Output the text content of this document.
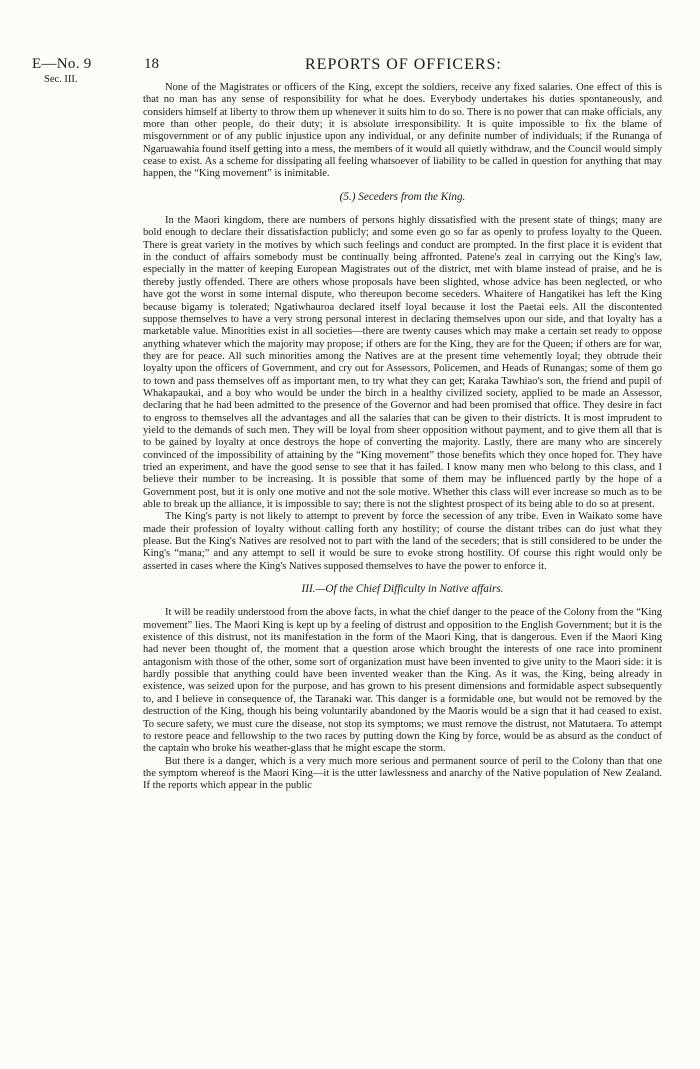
E—No. 9
Sec. III.
18	REPORTS OF OFFICERS:

None of the Magistrates or officers of the King, except the soldiers, receive any fixed salaries. One effect of this is that no man has any sense of responsibility for what he does. Everybody undertakes his duties spontaneously, and considers himself at liberty to throw them up whenever it suits him to do so. There is no power that can make officials, any more than other people, do their duty; it is absolute irresponsibility. It is quite impossible to fix the blame of misgovernment or of any public injustice upon any individual, or any definite number of individuals; if the Runanga of Ngaruawahia found itself getting into a mess, the members of it would all quietly withdraw, and the Council would simply cease to exist. As a scheme for dissipating all feeling whatsoever of liability to be called in question for anything that may happen, the “King movement” is inimitable.

(5.) Seceders from the King.

In the Maori kingdom, there are numbers of persons highly dissatisfied with the present state of things; many are bold enough to declare their dissatisfaction publicly; and some even go so far as openly to profess loyalty to the Queen. There is great variety in the motives by which such feelings and conduct are prompted. In the first place it is evident that in the conduct of affairs somebody must be continually being affronted. Patene's zeal in carrying out the King's law, especially in the matter of keeping European Magistrates out of the district, met with blame instead of praise, and he is thereby justly offended. There are others whose proposals have been slighted, whose advice has been neglected, or who have got the worst in some internal dispute, who thereupon become seceders. Whaitere of Hangatikei has left the King because bigamy is tolerated; Ngatiwhauroa declared itself loyal because it lost the Paetai eels. All the discontented suppose themselves to have a very strong personal interest in declaring themselves upon our side, and that loyalty has a marketable value. Minorities exist in all societies—there are twenty causes which may make a certain set ready to oppose anything whatever which the majority may propose; if others are for the King, they are for the Queen; if others are for war, they are for peace. All such minorities among the Natives are at the present time vehemently loyal; they obtrude their loyalty upon the officers of Government, and cry out for Assessors, Policemen, and Heads of Runangas; some of them go to town and pass themselves off as important men, to try what they can get; Karaka Tawhiao's son, the friend and pupil of Whakapaukai, and a boy who would be under the birch in a healthy civilized society, applied to be made an Assessor, declaring that he had been admitted to the presence of the Governor and had been promised that office. They desire in fact to engross to themselves all the advantages and all the salaries that can be given to their districts. It is most imprudent to yield to the demands of such men. They will be loyal from sheer opposition without payment, and to give them all that is to be gained by loyalty at once destroys the hope of converting the majority. Lastly, there are many who are sincerely convinced of the impossibility of attaining by the “King movement” those benefits which they once hoped for. They have tried an experiment, and have the good sense to see that it has failed. I know many men who belong to this class, and I believe their number to be increasing. It is possible that some of them may be influenced partly by the hope of a Government post, but it is only one motive and not the sole motive. Whether this class will ever increase so much as to be able to break up the alliance, it is impossible to say; there is not the slightest prospect of its being able to do so at present.

The King's party is not likely to attempt to prevent by force the secession of any tribe. Even in Waikato some have made their profession of loyalty without calling forth any hostility; of course the distant tribes can do just what they please. But the King's Natives are resolved not to part with the land of the seceders; that is still considered to be under the King's “mana;” and any attempt to sell it would be sure to evoke strong hostility. Of course this right would only be asserted in cases where the King's Natives supposed themselves to have the power to enforce it.

III.—Of the Chief Difficulty in Native affairs.

It will be readily understood from the above facts, in what the chief danger to the peace of the Colony from the “King movement” lies. The Maori King is kept up by a feeling of distrust and opposition to the English Government; but it is the existence of this distrust, not its manifestation in the form of the Maori King, that is dangerous. Even if the Maori King had never been thought of, the moment that a question arose which brought the interests of one race into prominent antagonism with those of the other, some sort of organization must have been invented to give unity to the Maori side: it is hardly possible that anything could have been invented weaker than the King. As it was, the King, being already in existence, was seized upon for the purpose, and has grown to his present dimensions and formidable aspect subsequently to, and I believe in consequence of, the Taranaki war. This danger is a formidable one, but would not be removed by the destruction of the King, though his being voluntarily abandoned by the Maoris would be a sign that it had ceased to exist. To secure safety, we must cure the disease, not stop its symptoms; we must remove the distrust, not Matutaera. To attempt to restore peace and fellowship to the two races by putting down the King by force, would be as absurd as the conduct of the captain who broke his weather-glass that he might escape the storm.

But there is a danger, which is a very much more serious and permanent source of peril to the Colony than that one the symptom whereof is the Maori King—it is the utter lawlessness and anarchy of the Native population of New Zealand. If the reports which appear in the public
